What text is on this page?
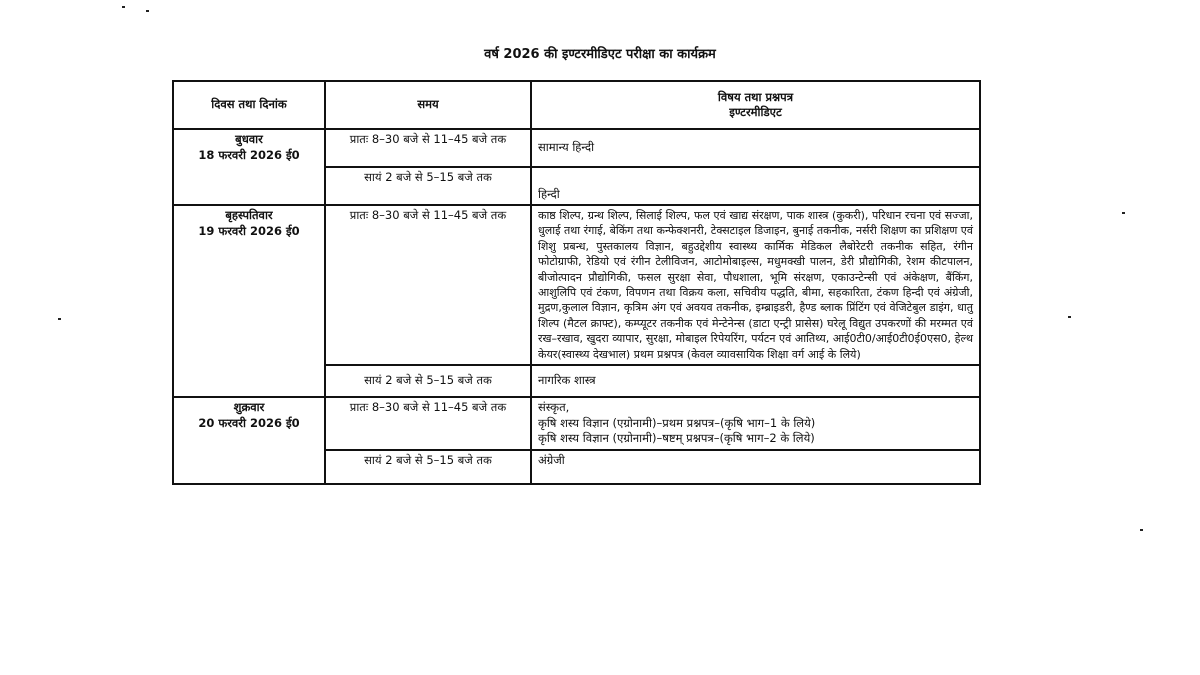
वर्ष 2026 की इण्टरमीडिएट परीक्षा का कार्यक्रम
दिवस तथा दिनांक	समय	विषय तथा प्रश्नपत्र
इण्टरमीडिएट

बुधवार
18 फरवरी 2026 ई0	प्रातः 8–30 बजे से 11–45 बजे तक	सामान्य हिन्दी
	सायं 2 बजे से 5–15 बजे तक	हिन्दी

बृहस्पतिवार
19 फरवरी 2026 ई0	प्रातः 8–30 बजे से 11–45 बजे तक	काष्ठ शिल्प, ग्रन्थ शिल्प, सिलाई शिल्प, फल एवं खाद्य संरक्षण, पाक शास्त्र (कुकरी), परिधान रचना एवं सज्जा, धुलाई तथा रंगाई, बेकिंग तथा कन्फेक्शनरी, टेक्सटाइल डिजाइन, बुनाई तकनीक, नर्सरी शिक्षण का प्रशिक्षण एवं शिशु प्रबन्ध, पुस्तकालय विज्ञान, बहुउद्देशीय स्वास्थ्य कार्मिक मेडिकल लैबोरेटरी तकनीक सहित, रंगीन फोटोग्राफी, रेडियो एवं रंगीन टेलीविजन, आटोमोबाइल्स, मधुमक्खी पालन, डेरी प्रौद्योगिकी, रेशम कीटपालन, बीजोत्पादन प्रौद्योगिकी, फसल सुरक्षा सेवा, पौधशाला, भूमि संरक्षण, एकाउन्टेन्सी एवं अंकेक्षण, बैंकिंग, आशुलिपि एवं टंकण, विपणन तथा विक्रय कला, सचिवीय पद्धति, बीमा, सहकारिता, टंकण हिन्दी एवं अंग्रेजी, मुद्रण,कुलाल विज्ञान, कृत्रिम अंग एवं अवयव तकनीक, इम्ब्राइडरी, हैण्ड ब्लाक प्रिंटिंग एवं वेजिटेबुल डाइंग, धातु शिल्प (मैटल क्राफ्ट), कम्प्यूटर तकनीक एवं मेन्टेनेन्स (डाटा एन्ट्री प्रासेस) घरेलू विद्युत उपकरणों की मरम्मत एवं रख–रखाव, खुदरा व्यापार, सुरक्षा, मोबाइल रिपेयरिंग, पर्यटन एवं आतिथ्य, आई0टी0/आई0टी0ई0एस0, हेल्थ केयर(स्वास्थ्य देखभाल) प्रथम प्रश्नपत्र (केवल व्यावसायिक शिक्षा वर्ग आई के लिये)
	सायं 2 बजे से 5–15 बजे तक	नागरिक शास्त्र

शुक्रवार
20 फरवरी 2026 ई0	प्रातः 8–30 बजे से 11–45 बजे तक	संस्कृत,
कृषि शस्य विज्ञान (एग्रोनामी)–प्रथम प्रश्नपत्र–(कृषि भाग–1 के लिये)
कृषि शस्य विज्ञान (एग्रोनामी)–षष्टम् प्रश्नपत्र–(कृषि भाग–2 के लिये)

	सायं 2 बजे से 5–15 बजे तक	अंग्रेजी
